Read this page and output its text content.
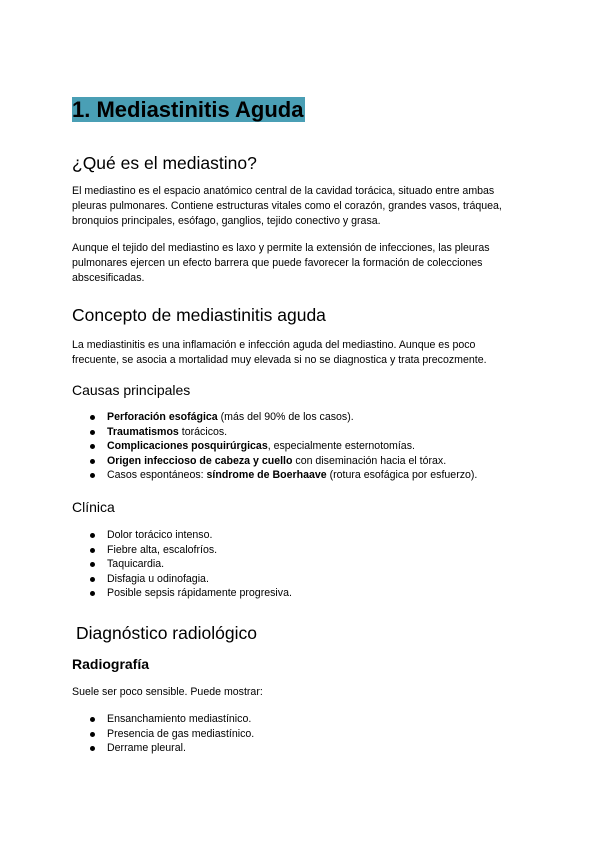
1. Mediastinitis Aguda
¿Qué es el mediastino?

El mediastino es el espacio anatómico central de la cavidad torácica, situado entre ambas
pleuras pulmonares. Contiene estructuras vitales como el corazón, grandes vasos, tráquea,
bronquios principales, esófago, ganglios, tejido conectivo y grasa.

Aunque el tejido del mediastino es laxo y permite la extensión de infecciones, las pleuras
pulmonares ejercen un efecto barrera que puede favorecer la formación de colecciones
abscesificadas.

Concepto de mediastinitis aguda

La mediastinitis es una inflamación e infección aguda del mediastino. Aunque es poco
frecuente, se asocia a mortalidad muy elevada si no se diagnostica y trata precozmente.

Causas principales
Perforación esofágica (más del 90% de los casos).
Traumatismos torácicos.
Complicaciones posquirúrgicas, especialmente esternotomías.
Origen infeccioso de cabeza y cuello con diseminación hacia el tórax.
Casos espontáneos: síndrome de Boerhaave (rotura esofágica por esfuerzo).
Clínica
Dolor torácico intenso.
Fiebre alta, escalofríos.
Taquicardia.
Disfagia u odinofagia.
Posible sepsis rápidamente progresiva.
Diagnóstico radiológico
Radiografía

Suele ser poco sensible. Puede mostrar:

Ensanchamiento mediastínico.
Presencia de gas mediastínico.
Derrame pleural.
